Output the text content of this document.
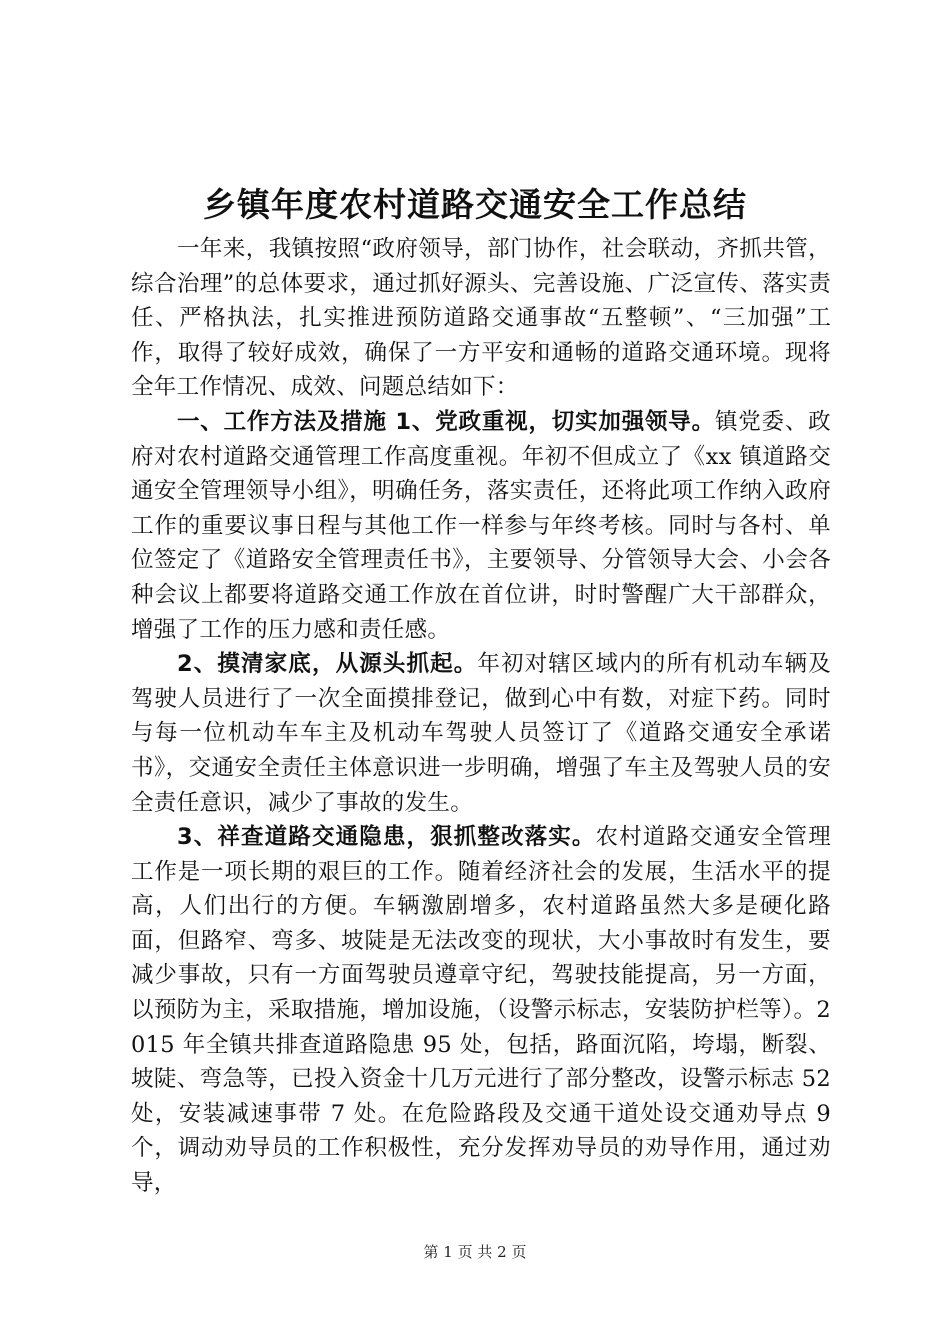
乡镇年度农村道路交通安全工作总结

一年来，我镇按照“政府领导，部门协作，社会联动，齐抓共管，综合治理”的总体要求，通过抓好源头、完善设施、广泛宣传、落实责任、严格执法，扎实推进预防道路交通事故“五整顿”、“三加强”工作，取得了较好成效，确保了一方平安和通畅的道路交通环境。现将全年工作情况、成效、问题总结如下：

一、工作方法及措施 1、党政重视，切实加强领导。镇党委、政府对农村道路交通管理工作高度重视。年初不但成立了《xx 镇道路交通安全管理领导小组》，明确任务，落实责任，还将此项工作纳入政府工作的重要议事日程与其他工作一样参与年终考核。同时与各村、单位签定了《道路安全管理责任书》，主要领导、分管领导大会、小会各种会议上都要将道路交通工作放在首位讲，时时警醒广大干部群众，增强了工作的压力感和责任感。

2、摸清家底，从源头抓起。年初对辖区域内的所有机动车辆及驾驶人员进行了一次全面摸排登记，做到心中有数，对症下药。同时与每一位机动车车主及机动车驾驶人员签订了《道路交通安全承诺书》，交通安全责任主体意识进一步明确，增强了车主及驾驶人员的安全责任意识，减少了事故的发生。

3、祥查道路交通隐患，狠抓整改落实。农村道路交通安全管理工作是一项长期的艰巨的工作。随着经济社会的发展，生活水平的提高，人们出行的方便。车辆激剧增多，农村道路虽然大多是硬化路面，但路窄、弯多、坡陡是无法改变的现状，大小事故时有发生，要减少事故，只有一方面驾驶员遵章守纪，驾驶技能提高，另一方面，以预防为主，采取措施，增加设施，（设警示标志，安装防护栏等）。2015 年全镇共排查道路隐患 95 处，包括，路面沉陷，垮塌，断裂、坡陡、弯急等，已投入资金十几万元进行了部分整改，设警示标志 52 处，安装减速事带 7 处。在危险路段及交通干道处设交通劝导点 9 个，调动劝导员的工作积极性，充分发挥劝导员的劝导作用，通过劝导，

第 1 页 共 2 页
